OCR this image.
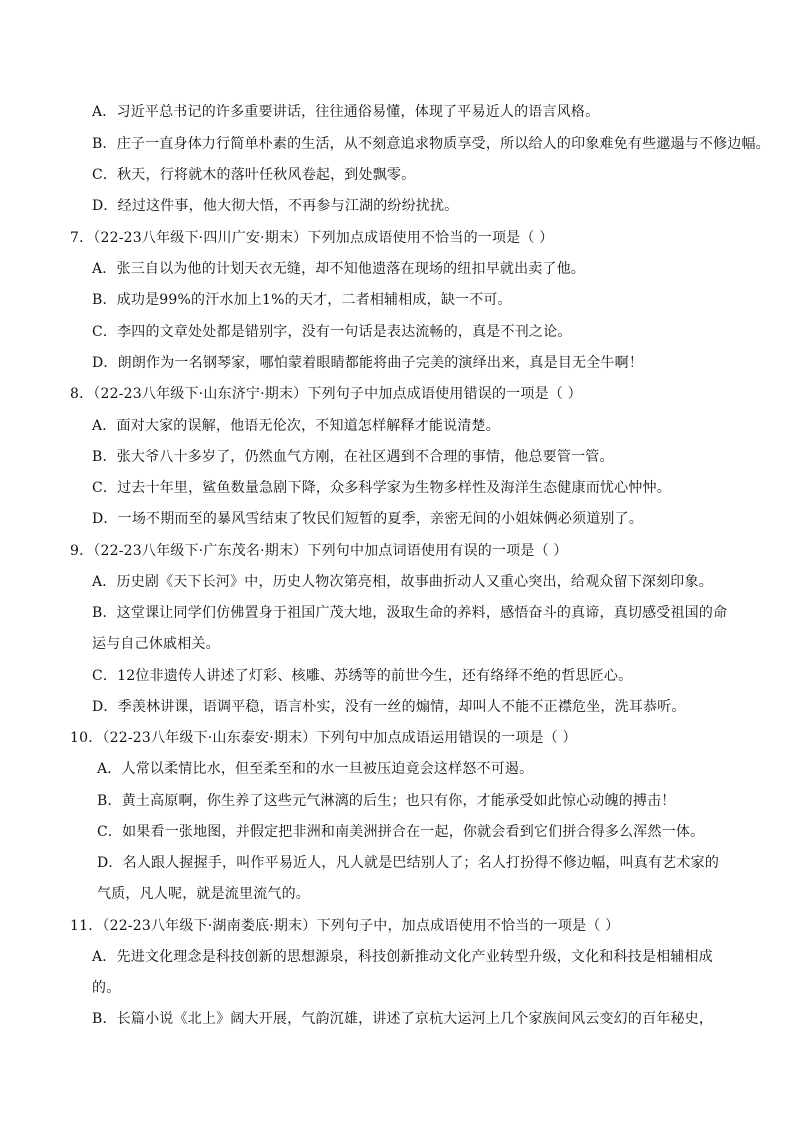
A．习近平总书记的许多重要讲话，往往通俗易懂，体现了平易近人的语言风格。
B．庄子一直身体力行简单朴素的生活，从不刻意追求物质享受，所以给人的印象难免有些邋遢与不修边幅。
C．秋天，行将就木的落叶任秋风卷起，到处飘零。
D．经过这件事，他大彻大悟，不再参与江湖的纷纷扰扰。
7．（22-23八年级下·四川广安·期末）下列加点成语使用不恰当的一项是（ ）
A．张三自以为他的计划天衣无缝，却不知他遗落在现场的纽扣早就出卖了他。
B．成功是99%的汗水加上1%的天才，二者相辅相成，缺一不可。
C．李四的文章处处都是错别字，没有一句话是表达流畅的，真是不刊之论。
D．朗朗作为一名钢琴家，哪怕蒙着眼睛都能将曲子完美的演绎出来，真是目无全牛啊！
8．（22-23八年级下·山东济宁·期末）下列句子中加点成语使用错误的一项是（ ）
A．面对大家的误解，他语无伦次，不知道怎样解释才能说清楚。
B．张大爷八十多岁了，仍然血气方刚，在社区遇到不合理的事情，他总要管一管。
C．过去十年里，鲨鱼数量急剧下降，众多科学家为生物多样性及海洋生态健康而忧心忡忡。
D．一场不期而至的暴风雪结束了牧民们短暂的夏季，亲密无间的小姐妹俩必须道别了。
9．（22-23八年级下·广东茂名·期末）下列句中加点词语使用有误的一项是（ ）
A．历史剧《天下长河》中，历史人物次第亮相，故事曲折动人又重心突出，给观众留下深刻印象。
B．这堂课让同学们仿佛置身于祖国广茂大地，汲取生命的养料，感悟奋斗的真谛，真切感受祖国的命
运与自己休戚相关。
C．12位非遗传人讲述了灯彩、核雕、苏绣等的前世今生，还有络绎不绝的哲思匠心。
D．季羡林讲课，语调平稳，语言朴实，没有一丝的煽情，却叫人不能不正襟危坐，洗耳恭听。
10．（22-23八年级下·山东泰安·期末）下列句中加点成语运用错误的一项是（ ）
A．人常以柔情比水，但至柔至和的水一旦被压迫竟会这样怒不可遏。
B．黄土高原啊，你生养了这些元气淋漓的后生；也只有你，才能承受如此惊心动魄的搏击！
C．如果看一张地图，并假定把非洲和南美洲拼合在一起，你就会看到它们拼合得多么浑然一体。
D．名人跟人握握手，叫作平易近人，凡人就是巴结别人了；名人打扮得不修边幅，叫真有艺术家的
气质，凡人呢，就是流里流气的。
11．（22-23八年级下·湖南娄底·期末）下列句子中，加点成语使用不恰当的一项是（ ）
A．先进文化理念是科技创新的思想源泉，科技创新推动文化产业转型升级，文化和科技是相辅相成
的。
B．长篇小说《北上》阔大开展，气韵沉雄，讲述了京杭大运河上几个家族间风云变幻的百年秘史，
